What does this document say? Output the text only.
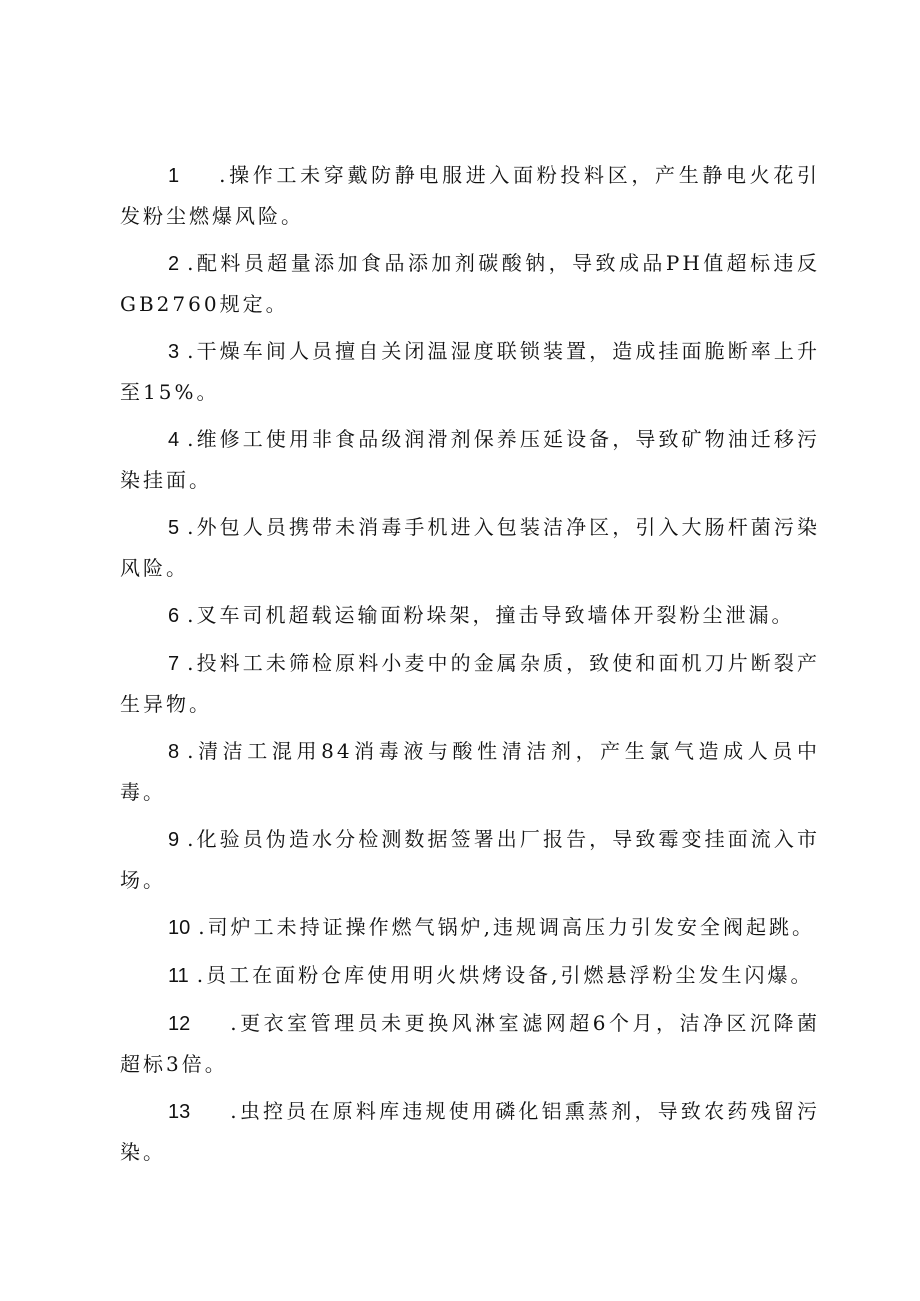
1 .操作工未穿戴防静电服进入面粉投料区，产生静电火花引发粉尘燃爆风险。

2 .配料员超量添加食品添加剂碳酸钠，导致成品PH值超标违反GB2760规定。

3 .干燥车间人员擅自关闭温湿度联锁装置，造成挂面脆断率上升至15%。

4 .维修工使用非食品级润滑剂保养压延设备，导致矿物油迁移污染挂面。

5 .外包人员携带未消毒手机进入包装洁净区，引入大肠杆菌污染风险。

6 .叉车司机超载运输面粉垛架，撞击导致墙体开裂粉尘泄漏。

7 .投料工未筛检原料小麦中的金属杂质，致使和面机刀片断裂产生异物。

8 .清洁工混用84消毒液与酸性清洁剂，产生氯气造成人员中毒。

9 .化验员伪造水分检测数据签署出厂报告，导致霉变挂面流入市场。

10 .司炉工未持证操作燃气锅炉,违规调高压力引发安全阀起跳。

11 .员工在面粉仓库使用明火烘烤设备,引燃悬浮粉尘发生闪爆。

12 .更衣室管理员未更换风淋室滤网超6个月，洁净区沉降菌超标3倍。

13 .虫控员在原料库违规使用磷化铝熏蒸剂，导致农药残留污染。
